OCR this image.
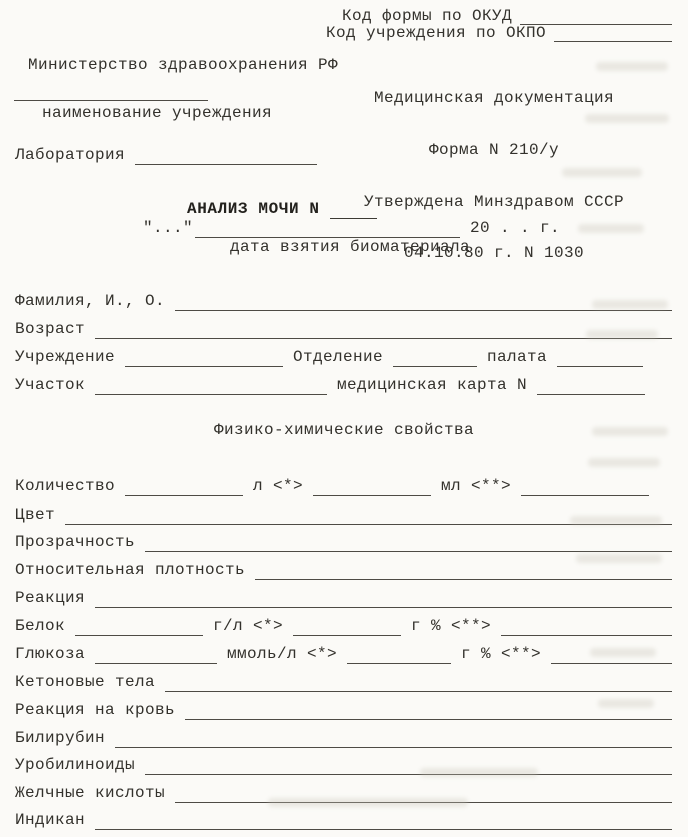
Код формы по ОКУД
Код учреждения по ОКПО
Министерство здравоохранения РФ
наименование учреждения

Медицинская документация

Форма N 210/у

Утверждена Минздравом СССР

04.10.80 г. N 1030

Лаборатория
АНАЛИЗ МОЧИ N
"..."	20 . . г.
дата взятия биоматериала
Фамилия, И., О.
Возраст
Учреждение	Отделение	палата
Участок	медицинская карта N
Физико-химические свойства
Количество	л <*>	мл <**>
Цвет
Прозрачность
Относительная плотность
Реакция
Белок	г/л <*>	г % <**>
Глюкоза	ммоль/л <*>	г % <**>
Кетоновые тела
Реакция на кровь
Билирубин
Уробилиноиды
Желчные кислоты
Индикан
